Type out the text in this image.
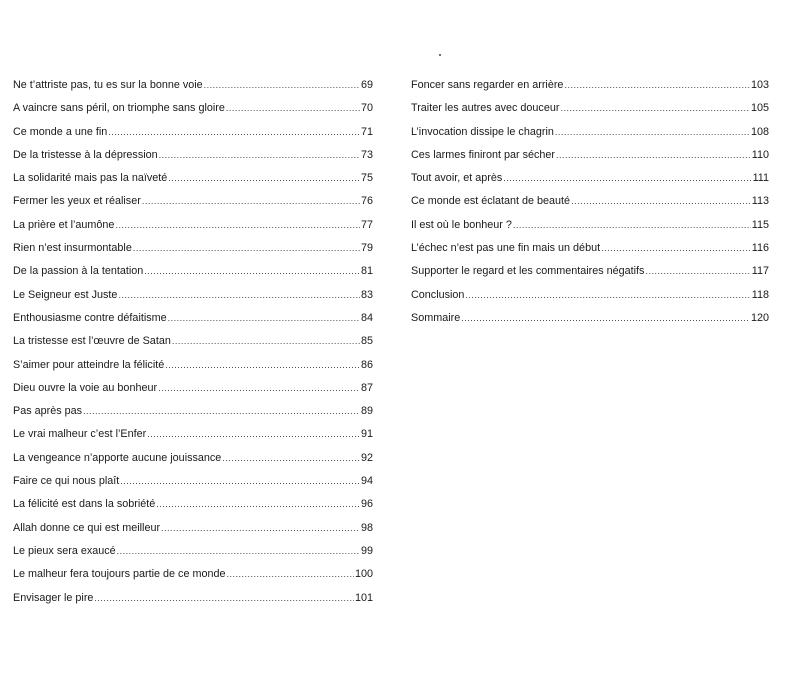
Ne t’attriste pas, tu es sur la bonne voie .....	69
A vaincre sans péril, on triomphe sans gloire .....	70
Ce monde a une fin .....	71
De la tristesse à la dépression .....	73
La solidarité mais pas la naïveté .....	75
Fermer les yeux et réaliser .....	76
La prière et l’aumône .....	77
Rien n’est insurmontable .....	79
De la passion à la tentation .....	81
Le Seigneur est Juste .....	83
Enthousiasme contre défaitisme .....	84
La tristesse est l’œuvre de Satan .....	85
S’aimer pour atteindre la félicité .....	86
Dieu ouvre la voie au bonheur .....	87
Pas après pas .....	89
Le vrai malheur c’est l’Enfer .....	91
La vengeance n’apporte aucune jouissance .....	92
Faire ce qui nous plaît .....	94
La félicité est dans la sobriété .....	96
Allah donne ce qui est meilleur .....	98
Le pieux sera exaucé .....	99
Le malheur fera toujours partie de ce monde .....	100
Envisager le pire .....	101
Foncer sans regarder en arrière .....	103
Traiter les autres avec douceur .....	105
L’invocation dissipe le chagrin .....	108
Ces larmes finiront par sécher .....	110
Tout avoir, et après .....	111
Ce monde est éclatant de beauté .....	113
Il est où le bonheur ? .....	115
L’échec n’est pas une fin mais un début .....	116
Supporter le regard et les commentaires négatifs .....	117
Conclusion .....	118
Sommaire .....	120
